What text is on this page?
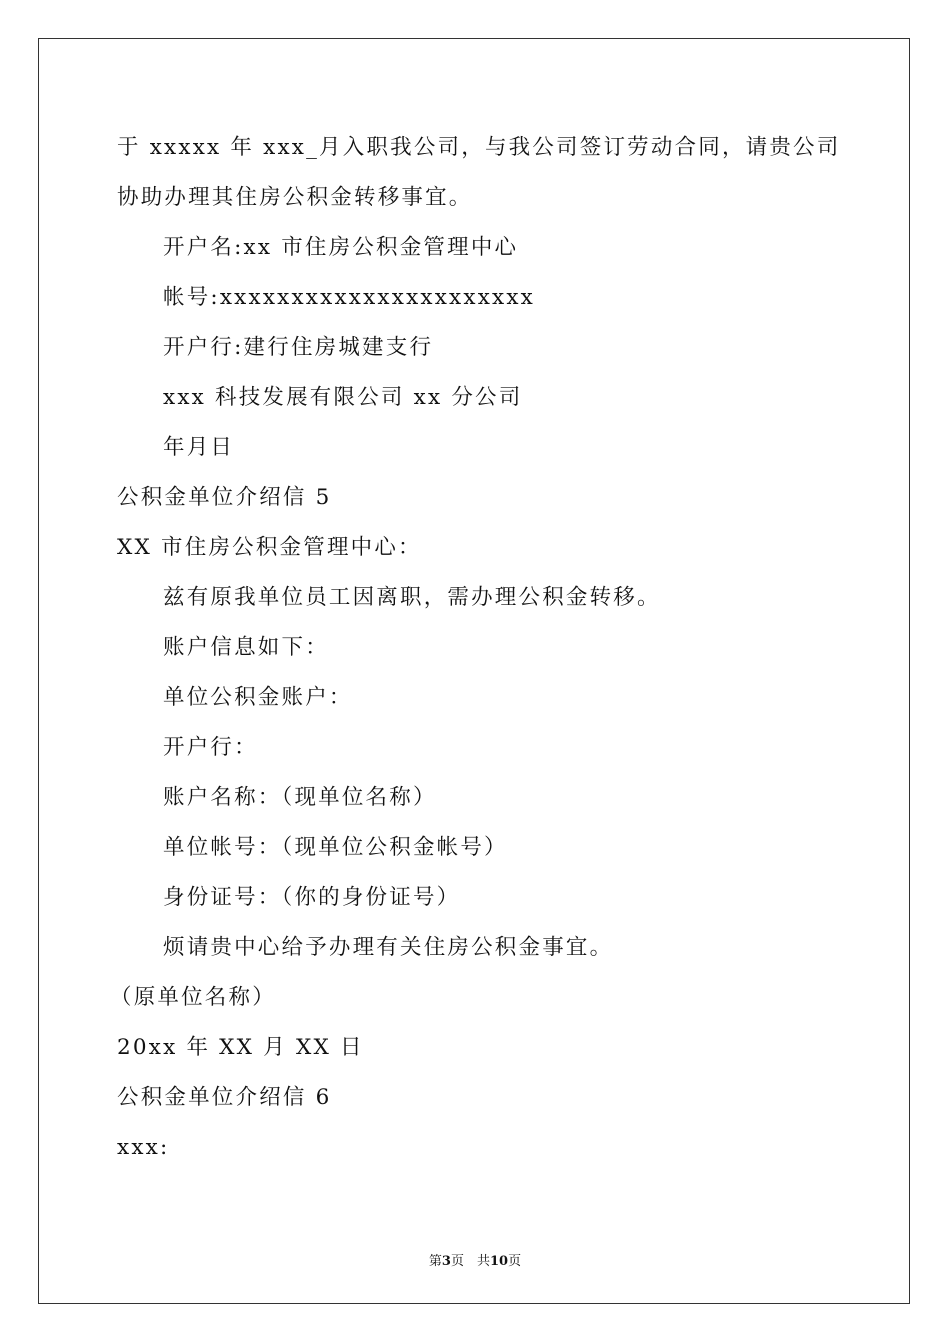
于 xxxxx 年 xxx_月入职我公司，与我公司签订劳动合同，请贵公司
协助办理其住房公积金转移事宜。
开户名:xx 市住房公积金管理中心
帐号:xxxxxxxxxxxxxxxxxxxxxx
开户行:建行住房城建支行
xxx 科技发展有限公司 xx 分公司
年月日
公积金单位介绍信 5
XX 市住房公积金管理中心：
兹有原我单位员工因离职，需办理公积金转移。
账户信息如下：
单位公积金账户：
开户行：
账户名称：（现单位名称）
单位帐号：（现单位公积金帐号）
身份证号：（你的身份证号）
烦请贵中心给予办理有关住房公积金事宜。
（原单位名称）
20xx 年 XX 月 XX 日
公积金单位介绍信 6
xxx:
第3页　共10页
